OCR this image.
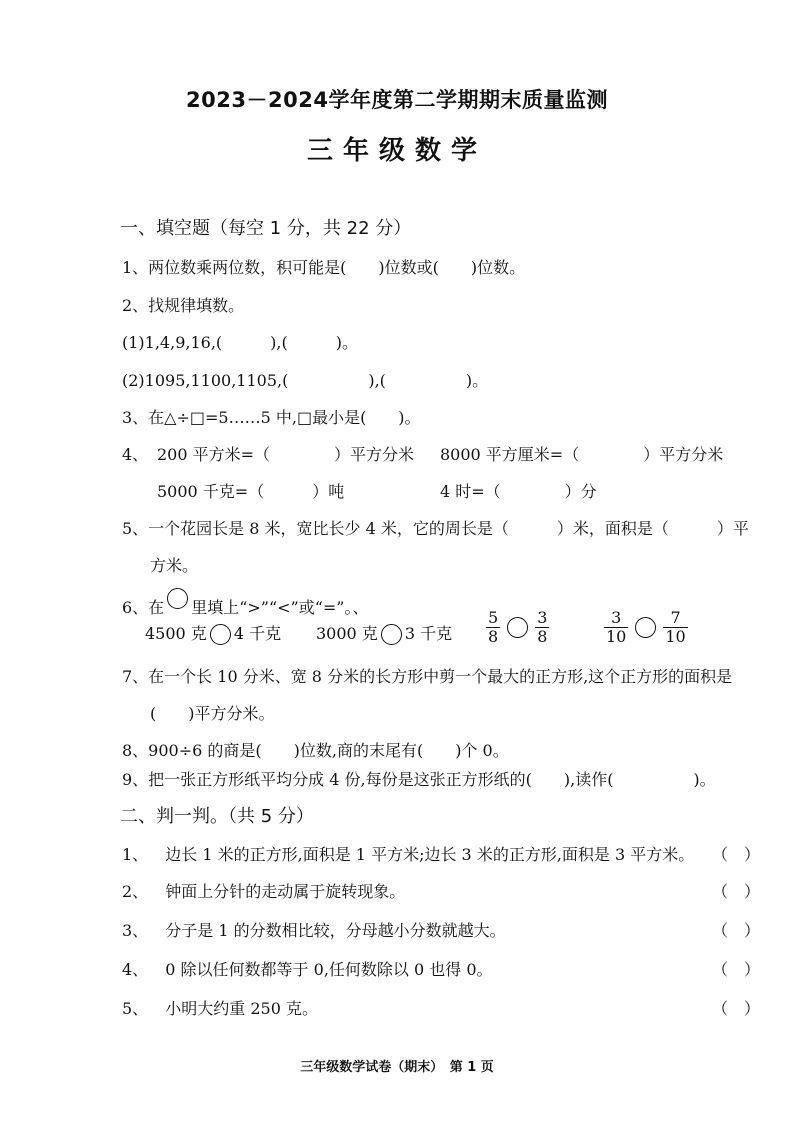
2023－2024学年度第二学期期末质量监测
三年级数学
一、填空题（每空 1 分，共 22 分）
1、两位数乘两位数，积可能是(　　)位数或(　　)位数。
2、找规律填数。
(1)1,4,9,16,(　　　),(　　　)。
(2)1095,1100,1105,(　　　　　),(　　　　　)。
3、在△÷□=5……5 中,□最小是(　　)。
4、 200 平方米=（　　　　）平方分米 8000 平方厘米=（　　　　）平方分米
5000 千克=（　　　）吨	4 时=（　　　　）分
5、一个花园长是 8 米，宽比长少 4 米，它的周长是（　　　）米，面积是（　　　）平
方米。
6、在 里填上“>”“<”或“=”。、
4500 克 4 千克 3000 克 3 千克 $\frac{5}{8} \frac{3}{8}$	$\frac{3}{10} \frac{7}{10}$
7、在一个长 10 分米、宽 8 分米的长方形中剪一个最大的正方形,这个正方形的面积是
(　　)平方分米。
8、900÷6 的商是(　　)位数,商的末尾有(　　)个 0。
9、把一张正方形纸平均分成 4 份,每份是这张正方形纸的(　　),读作(　　　　　)。
二、判一判。（共 5 分）
1、 边长 1 米的正方形,面积是 1 平方米;边长 3 米的正方形,面积是 3 平方米。	（　）
2、 钟面上分针的走动属于旋转现象。	（　）
3、 分子是 1 的分数相比较，分母越小分数就越大。	（　）
4、 0 除以任何数都等于 0,任何数除以 0 也得 0。	（　）
5、 小明大约重 250 克。	（　）
三年级数学试卷（期末）　第 1 页
